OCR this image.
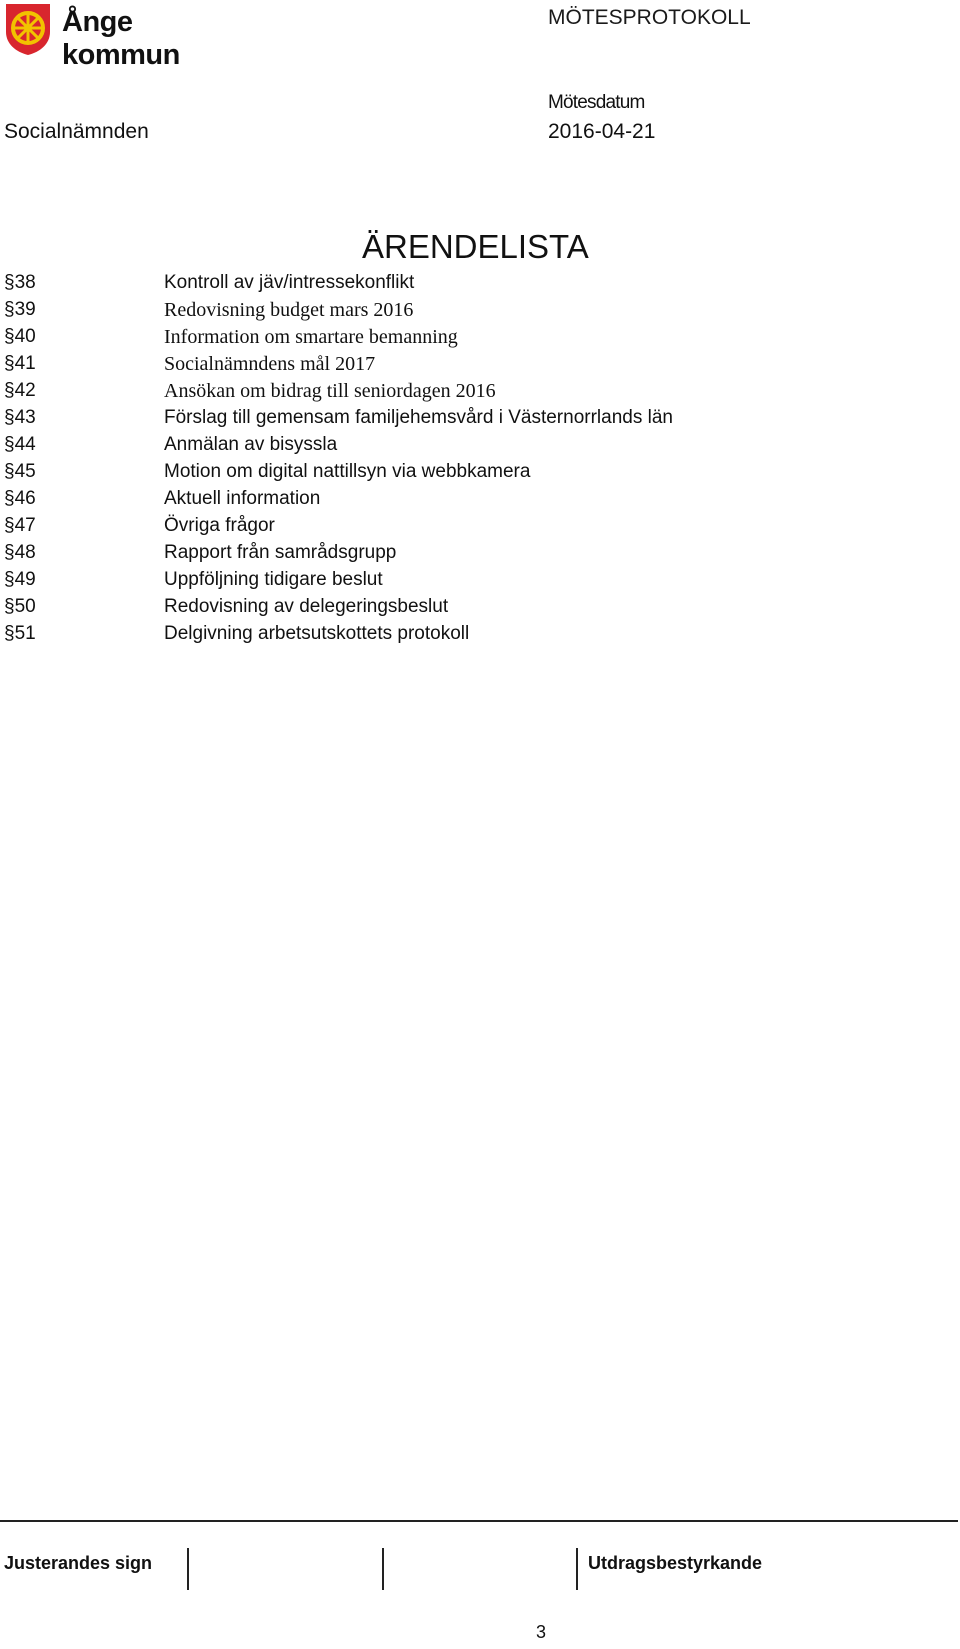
Ånge kommun
MÖTESPROTOKOLL
Mötesdatum
Socialnämnden	2016-04-21
ÄRENDELISTA
§38	Kontroll av jäv/intressekonflikt
§39	Redovisning budget mars 2016
§40	Information om smartare bemanning
§41	Socialnämndens mål 2017
§42	Ansökan om bidrag till seniordagen 2016
§43	Förslag till gemensam familjehemsvård i Västernorrlands län
§44	Anmälan av bisyssla
§45	Motion om digital nattillsyn via webbkamera
§46	Aktuell information
§47	Övriga frågor
§48	Rapport från samrådsgrupp
§49	Uppföljning tidigare beslut
§50	Redovisning av delegeringsbeslut
§51	Delgivning arbetsutskottets protokoll
Justerandes sign	Utdragsbestyrkande
3
